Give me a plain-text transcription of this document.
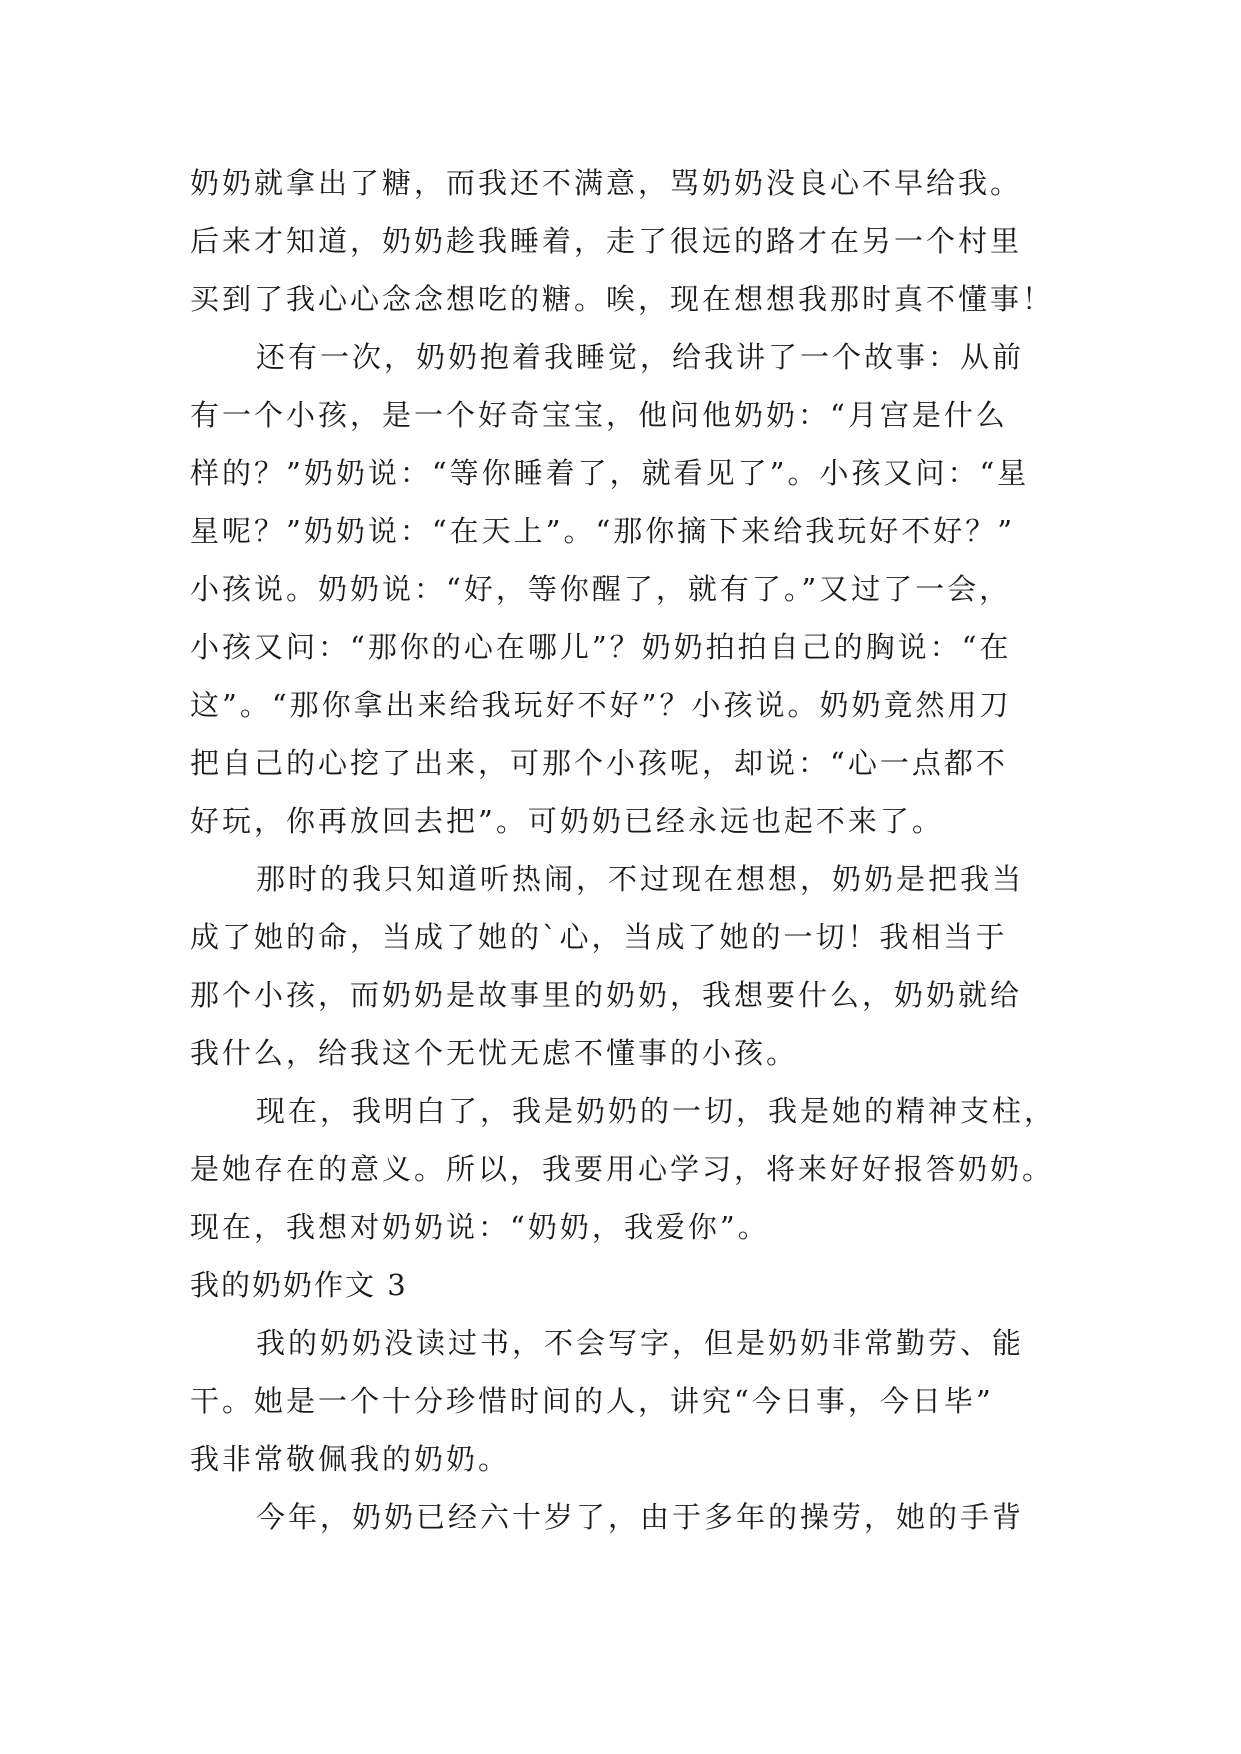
奶奶就拿出了糖，而我还不满意，骂奶奶没良心不早给我。
后来才知道，奶奶趁我睡着，走了很远的路才在另一个村里
买到了我心心念念想吃的糖。唉，现在想想我那时真不懂事！
还有一次，奶奶抱着我睡觉，给我讲了一个故事：从前
有一个小孩，是一个好奇宝宝，他问他奶奶：“月宫是什么
样的？”奶奶说：“等你睡着了，就看见了”。小孩又问：“星
星呢？”奶奶说：“在天上”。“那你摘下来给我玩好不好？”
小孩说。奶奶说：“好，等你醒了，就有了。”又过了一会，
小孩又问：“那你的心在哪儿”？奶奶拍拍自己的胸说：“在
这”。“那你拿出来给我玩好不好”？小孩说。奶奶竟然用刀
把自己的心挖了出来，可那个小孩呢，却说：“心一点都不
好玩，你再放回去把”。可奶奶已经永远也起不来了。
那时的我只知道听热闹，不过现在想想，奶奶是把我当
成了她的命，当成了她的`心，当成了她的一切！我相当于
那个小孩，而奶奶是故事里的奶奶，我想要什么，奶奶就给
我什么，给我这个无忧无虑不懂事的小孩。
现在，我明白了，我是奶奶的一切，我是她的精神支柱，
是她存在的意义。所以，我要用心学习，将来好好报答奶奶。
现在，我想对奶奶说：“奶奶，我爱你”。
我的奶奶作文 3
我的奶奶没读过书，不会写字，但是奶奶非常勤劳、能
干。她是一个十分珍惜时间的人，讲究“今日事，今日毕”
我非常敬佩我的奶奶。
今年，奶奶已经六十岁了，由于多年的操劳，她的手背
